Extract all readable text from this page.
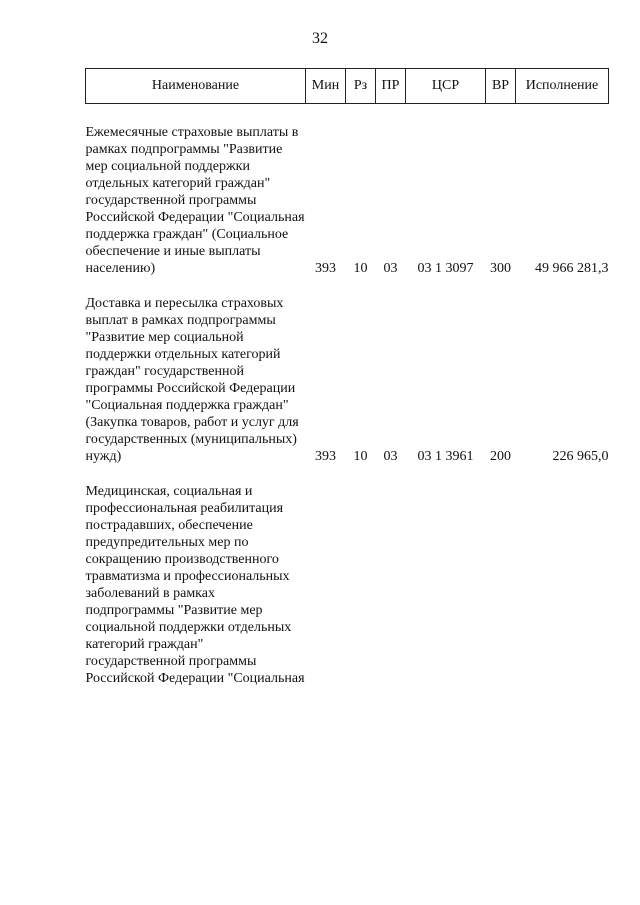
32
Наименование	Мин	Рз	ПР	ЦСР	ВР	Исполнение

Ежемесячные страховые выплаты в рамках подпрограммы "Развитие мер социальной поддержки отдельных категорий граждан" государственной программы Российской Федерации "Социальная поддержка граждан" (Социальное обеспечение и иные выплаты населению)	393	10	03	03 1 3097	300	49 966 281,3

Доставка и пересылка страховых выплат в рамках подпрограммы "Развитие мер социальной поддержки отдельных категорий граждан" государственной программы Российской Федерации "Социальная поддержка граждан" (Закупка товаров, работ и услуг для государственных (муниципальных) нужд)	393	10	03	03 1 3961	200	226 965,0

Медицинская, социальная и профессиональная реабилитация пострадавших, обеспечение предупредительных мер по сокращению производственного травматизма и профессиональных заболеваний в рамках подпрограммы "Развитие мер социальной поддержки отдельных категорий граждан" государственной программы Российской Федерации "Социальная						
